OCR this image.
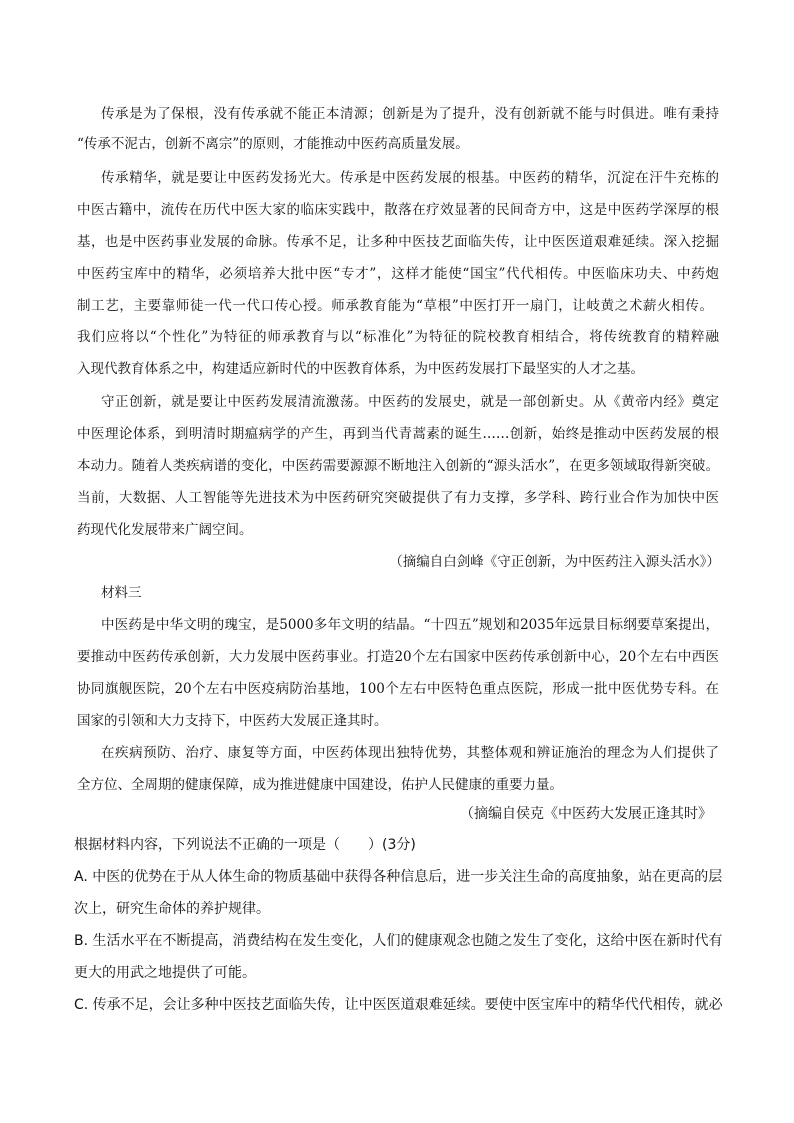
传承是为了保根，没有传承就不能正本清源；创新是为了提升，没有创新就不能与时俱进。唯有秉持

“传承不泥古，创新不离宗”的原则，才能推动中医药高质量发展。

传承精华，就是要让中医药发扬光大。传承是中医药发展的根基。中医药的精华，沉淀在汗牛充栋的

中医古籍中，流传在历代中医大家的临床实践中，散落在疗效显著的民间奇方中，这是中医药学深厚的根

基，也是中医药事业发展的命脉。传承不足，让多种中医技艺面临失传，让中医医道艰难延续。深入挖掘

中医药宝库中的精华，必须培养大批中医“专才”，这样才能使“国宝”代代相传。中医临床功夫、中药炮

制工艺，主要靠师徒一代一代口传心授。师承教育能为“草根”中医打开一扇门，让岐黄之术薪火相传。

我们应将以“个性化”为特征的师承教育与以“标准化”为特征的院校教育相结合，将传统教育的精粹融

入现代教育体系之中，构建适应新时代的中医教育体系，为中医药发展打下最坚实的人才之基。

守正创新，就是要让中医药发展清流激荡。中医药的发展史，就是一部创新史。从《黄帝内经》奠定

中医理论体系，到明清时期瘟病学的产生，再到当代青蒿素的诞生……创新，始终是推动中医药发展的根

本动力。随着人类疾病谱的变化，中医药需要源源不断地注入创新的“源头活水”，在更多领域取得新突破。

当前，大数据、人工智能等先进技术为中医药研究突破提供了有力支撑，多学科、跨行业合作为加快中医

药现代化发展带来广阔空间。

（摘编自白剑峰《守正创新，为中医药注入源头活水》）

材料三

中医药是中华文明的瑰宝，是5000多年文明的结晶。“十四五”规划和2035年远景目标纲要草案提出，

要推动中医药传承创新，大力发展中医药事业。打造20个左右国家中医药传承创新中心，20个左右中西医

协同旗舰医院，20个左右中医疫病防治基地，100个左右中医特色重点医院，形成一批中医优势专科。在

国家的引领和大力支持下，中医药大发展正逢其时。

在疾病预防、治疗、康复等方面，中医药体现出独特优势，其整体观和辨证施治的理念为人们提供了

全方位、全周期的健康保障，成为推进健康中国建设，佑护人民健康的重要力量。

（摘编自侯克《中医药大发展正逢其时》

根据材料内容，下列说法不正确的一项是（　　）(3分)

A. 中医的优势在于从人体生命的物质基础中获得各种信息后，进一步关注生命的高度抽象，站在更高的层

次上，研究生命体的养护规律。

B. 生活水平在不断提高，消费结构在发生变化，人们的健康观念也随之发生了变化，这给中医在新时代有

更大的用武之地提供了可能。

C. 传承不足，会让多种中医技艺面临失传，让中医医道艰难延续。要使中医宝库中的精华代代相传，就必
